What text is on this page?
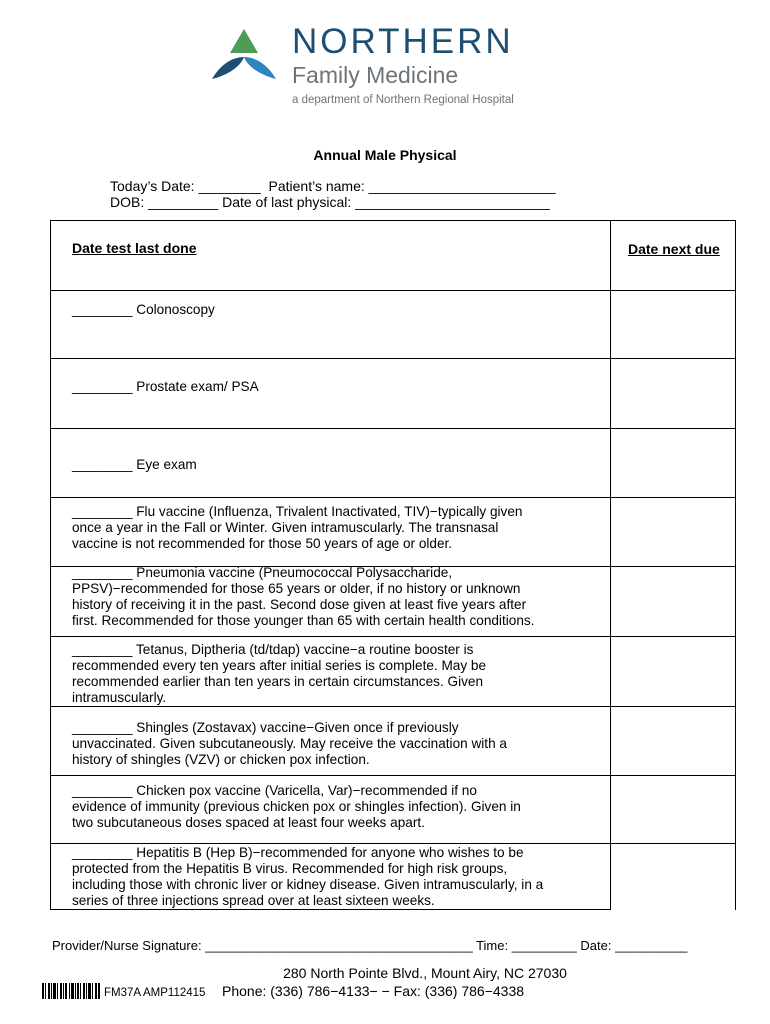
NORTHERN
Family Medicine
a department of Northern Regional Hospital
Annual Male Physical
Today’s Date: ________  Patient’s name: ________________________
DOB: _________ Date of last physical: _________________________
Date test last done	Date next due
________ Colonoscopy
________ Prostate exam/ PSA
________ Eye exam
________ Flu vaccine (Influenza, Trivalent Inactivated, TIV)−typically given
once a year in the Fall or Winter. Given intramuscularly. The transnasal
vaccine is not recommended for those 50 years of age or older.
________ Pneumonia vaccine (Pneumococcal Polysaccharide,
PPSV)−recommended for those 65 years or older, if no history or unknown
history of receiving it in the past. Second dose given at least five years after
first. Recommended for those younger than 65 with certain health conditions.
________ Tetanus, Diptheria (td/tdap) vaccine−a routine booster is
recommended every ten years after initial series is complete. May be
recommended earlier than ten years in certain circumstances. Given
intramuscularly.
________ Shingles (Zostavax) vaccine−Given once if previously
unvaccinated. Given subcutaneously. May receive the vaccination with a
history of shingles (VZV) or chicken pox infection.
________ Chicken pox vaccine (Varicella, Var)−recommended if no
evidence of immunity (previous chicken pox or shingles infection). Given in
two subcutaneous doses spaced at least four weeks apart.
________ Hepatitis B (Hep B)−recommended for anyone who wishes to be
protected from the Hepatitis B virus. Recommended for high risk groups,
including those with chronic liver or kidney disease. Given intramuscularly, in a
series of three injections spread over at least sixteen weeks.
Provider/Nurse Signature: _____________________________________ Time: _________ Date: __________
280 North Pointe Blvd., Mount Airy, NC 27030
FM37A AMP112415 Phone: (336) 786−4133− − Fax: (336) 786−4338
